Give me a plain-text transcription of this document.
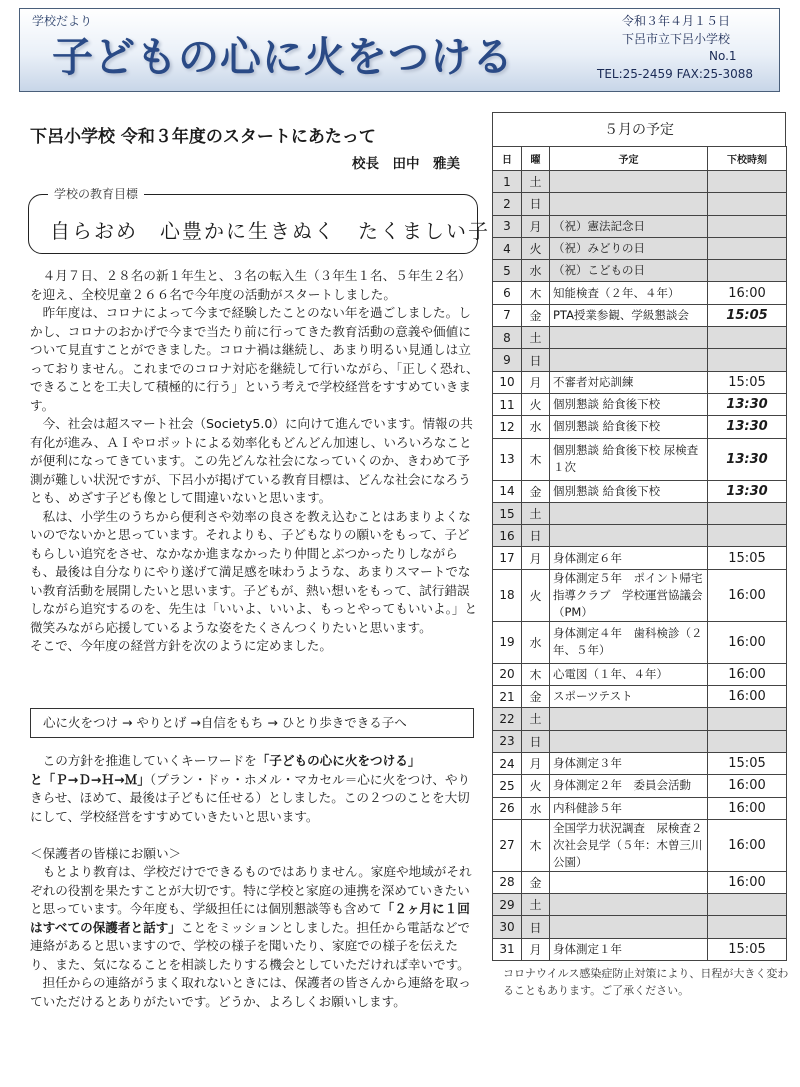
学校だより
子どもの心に火をつける
令和３年４月１５日
下呂市立下呂小学校
No.1
TEL:25-2459 FAX:25-3088
下呂小学校 令和３年度のスタートにあたって
校長　田中　雅美
学校の教育目標
自らおめ　心豊かに生きぬく　たくましい子

　４月７日、２８名の新１年生と、３名の転入生（３年生１名、５年生２名）を迎え、全校児童２６６名で今年度の活動がスタートしました。

　昨年度は、コロナによって今まで経験したことのない年を過ごしました。しかし、コロナのおかげで今まで当たり前に行ってきた教育活動の意義や価値について見直すことができました。コロナ禍は継続し、あまり明るい見通しは立っておりません。これまでのコロナ対応を継続して行いながら、「正しく恐れ、できることを工夫して積極的に行う」という考えで学校経営をすすめていきます。

　今、社会は超スマート社会（Society5.0）に向けて進んでいます。情報の共有化が進み、ＡＩやロボットによる効率化もどんどん加速し、いろいろなことが便利になってきています。この先どんな社会になっていくのか、きわめて予測が難しい状況ですが、下呂小が掲げている教育目標は、どんな社会になろうとも、めざす子ども像として間違いないと思います。

　私は、小学生のうちから便利さや効率の良さを教え込むことはあまりよくないのでないかと思っています。それよりも、子どもなりの願いをもって、子どもらしい追究をさせ、なかなか進まなかったり仲間とぶつかったりしながらも、最後は自分なりにやり遂げて満足感を味わうような、あまりスマートでない教育活動を展開したいと思います。子どもが、熱い想いをもって、試行錯誤しながら追究するのを、先生は「いいよ、いいよ、もっとやってもいいよ。」と微笑みながら応援しているような姿をたくさんつくりたいと思います。

そこで、今年度の経営方針を次のように定めました。

心に火をつけ → やりとげ →自信をもち → ひとり歩きできる子へ

　この方針を推進していくキーワードを「子どもの心に火をつける」
と「Ｐ→Ｄ→Ｈ→Ｍ」（プラン・ドゥ・ホメル・マカセル＝心に火をつけ、やりきらせ、ほめて、最後は子どもに任せる）としました。この２つのことを大切にして、学校経営をすすめていきたいと思います。

＜保護者の皆様にお願い＞

　もとより教育は、学校だけでできるものではありません。家庭や地域がそれぞれの役割を果たすことが大切です。特に学校と家庭の連携を深めていきたいと思っています。今年度も、学級担任には個別懇談等も含めて「２ヶ月に１回はすべての保護者と話す」ことをミッションとしました。担任から電話などで連絡があると思いますので、学校の様子を聞いたり、家庭での様子を伝えたり、また、気になることを相談したりする機会としていただければ幸いです。

　担任からの連絡がうまく取れないときには、保護者の皆さんから連絡を取っていただけるとありがたいです。どうか、よろしくお願いします。

５月の予定
日	曜	予定	下校時刻
1	土		
2	日		
3	月	（祝）憲法記念日	
4	火	（祝）みどりの日	
5	水	（祝）こどもの日	
6	木	知能検査（２年、４年）	16:00
7	金	PTA授業参観、学級懇談会	15:05
8	土		
9	日		
10	月	不審者対応訓練	15:05
11	火	個別懇談 給食後下校	13:30
12	水	個別懇談 給食後下校	13:30
13	木	個別懇談 給食後下校 尿検査１次	13:30
14	金	個別懇談 給食後下校	13:30
15	土		
16	日		
17	月	身体測定６年	15:05
18	火	身体測定５年　ポイント帰宅指導クラブ　学校運営協議会（PM）	16:00
19	水	身体測定４年　歯科検診（２年、５年）	16:00
20	木	心電図（１年、４年）	16:00
21	金	スポーツテスト	16:00
22	土		
23	日		
24	月	身体測定３年	15:05
25	火	身体測定２年　委員会活動	16:00
26	水	内科健診５年	16:00
27	木	全国学力状況調査　尿検査２次社会見学（５年：木曽三川公園）	16:00
28	金		16:00
29	土		
30	日		
31	月	身体測定１年	15:05
コロナウイルス感染症防止対策により、日程が大きく変わることもあります。ご了承ください。
